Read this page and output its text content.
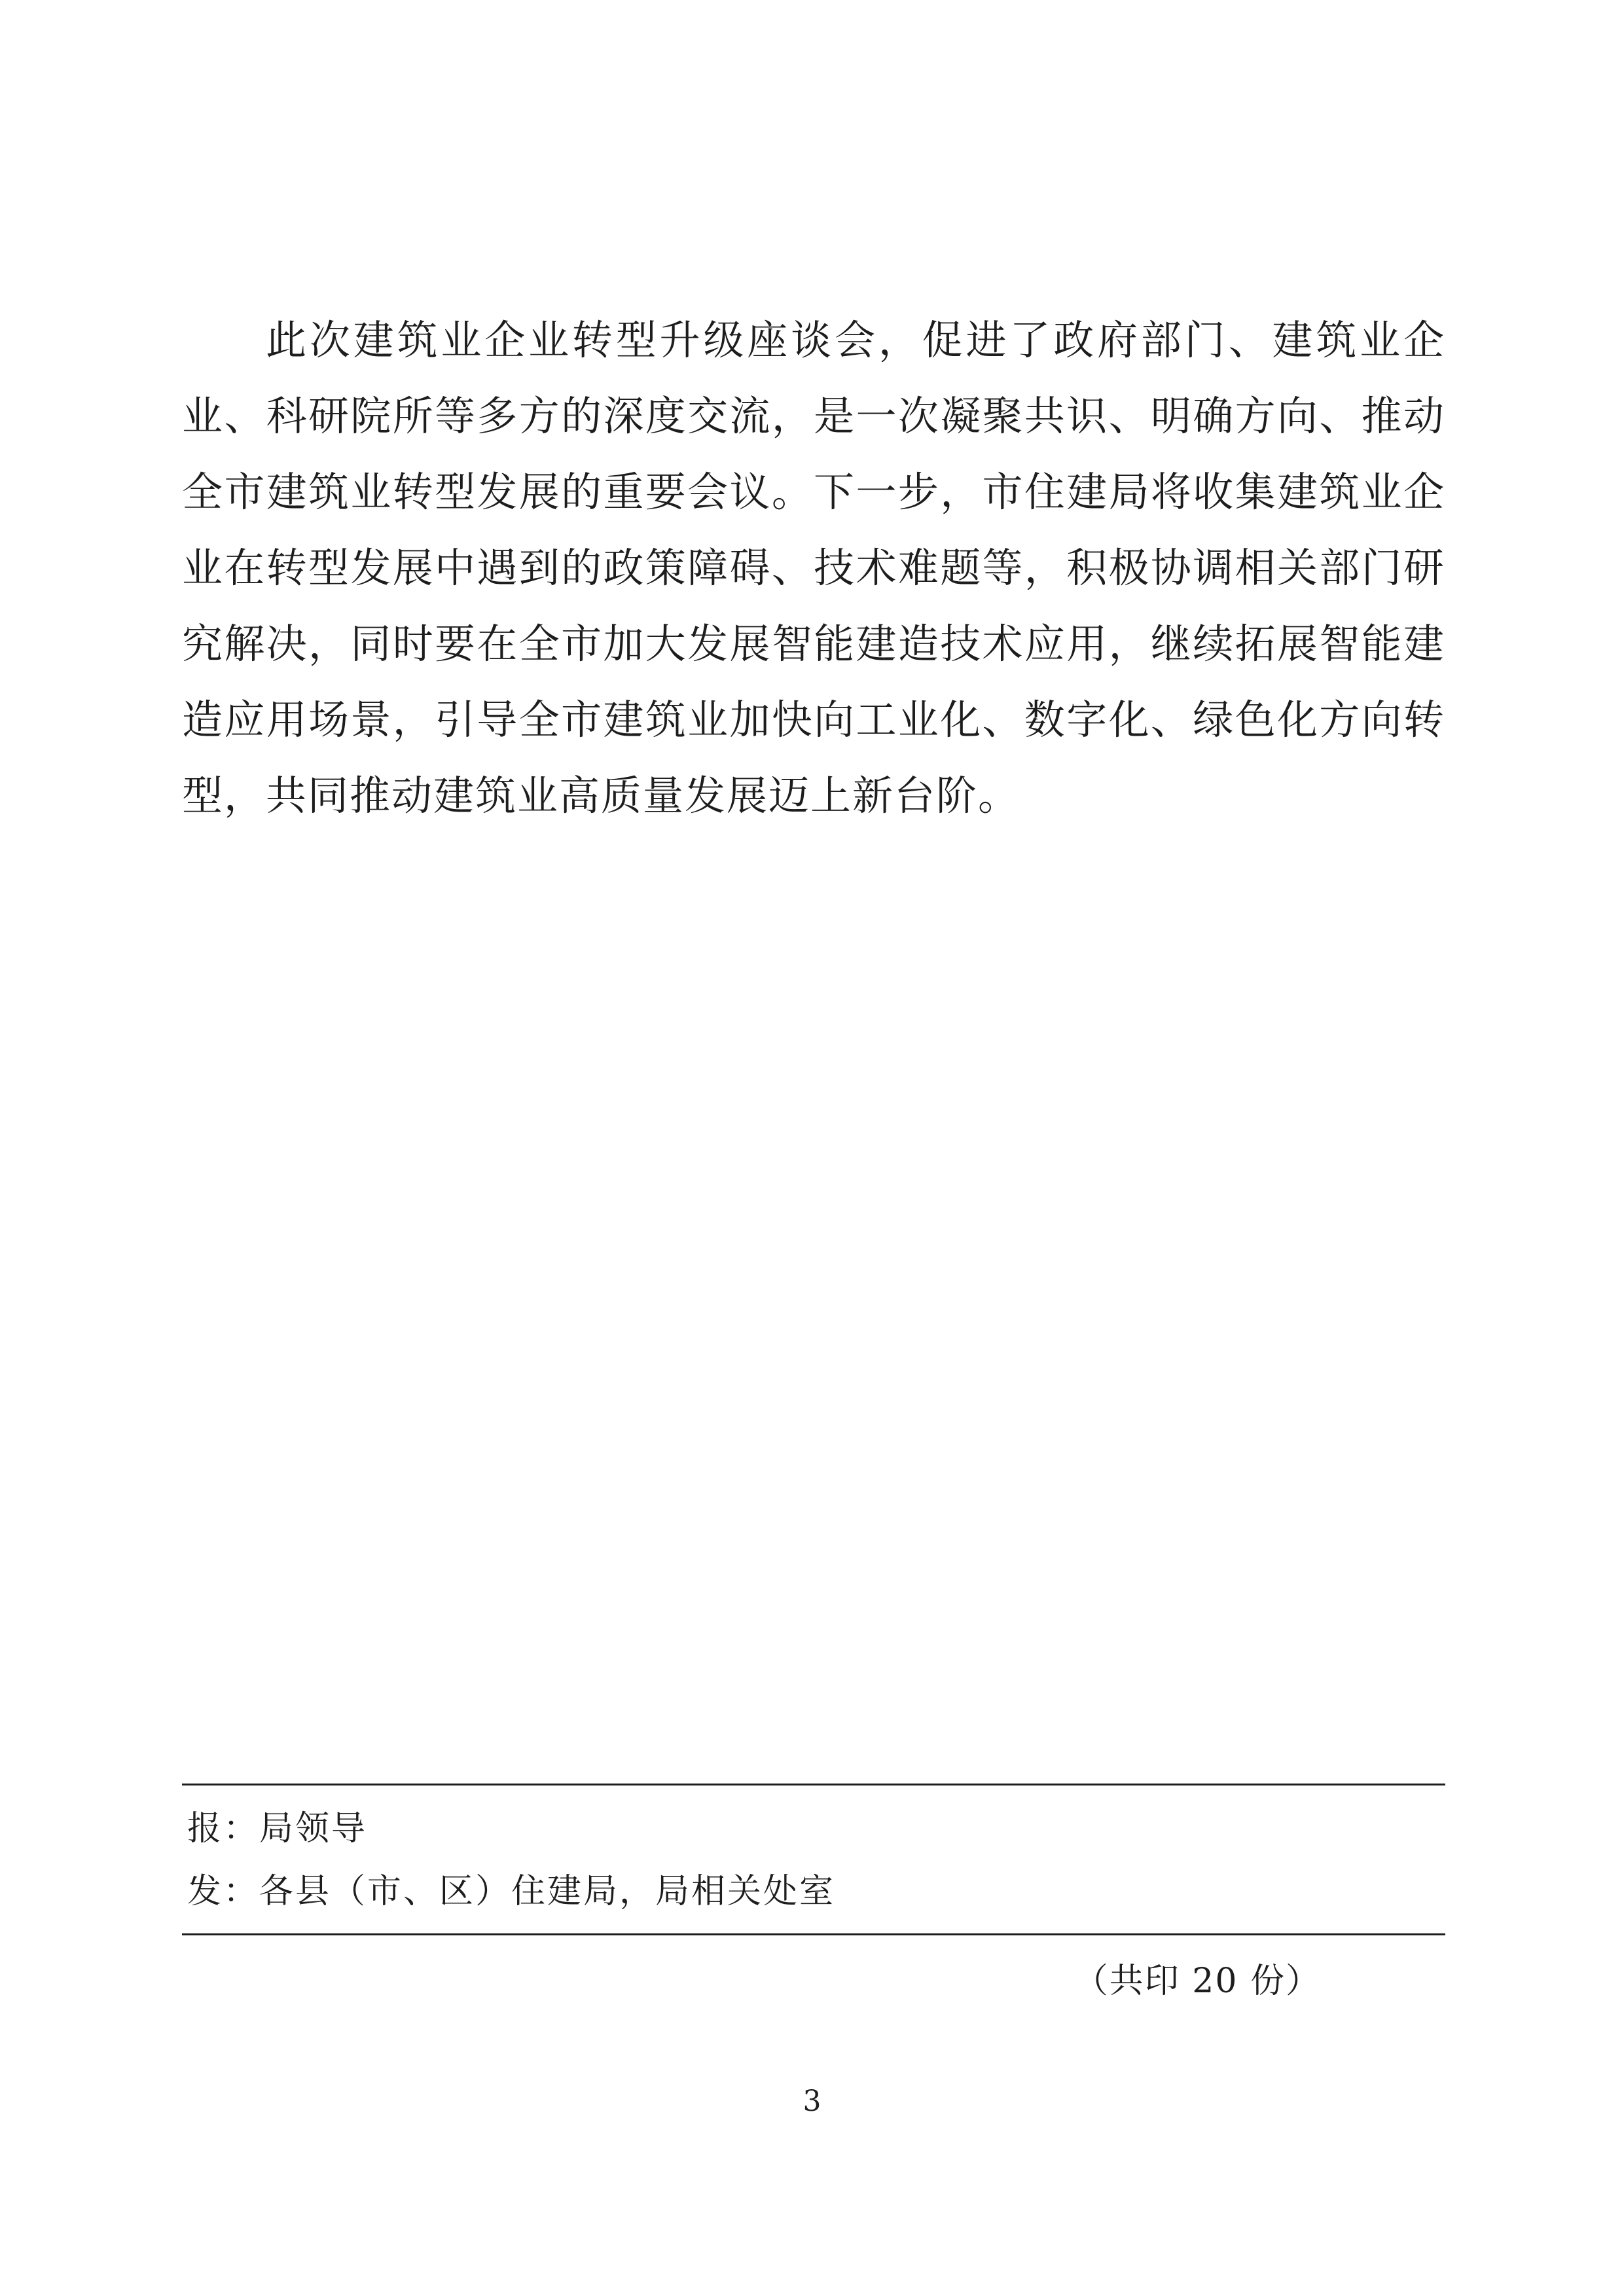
此次建筑业企业转型升级座谈会，促进了政府部门、建筑业企业、科研院所等多方的深度交流，是一次凝聚共识、明确方向、推动全市建筑业转型发展的重要会议。下一步，市住建局将收集建筑业企业在转型发展中遇到的政策障碍、技术难题等，积极协调相关部门研究解决，同时要在全市加大发展智能建造技术应用，继续拓展智能建造应用场景，引导全市建筑业加快向工业化、数字化、绿色化方向转型，共同推动建筑业高质量发展迈上新台阶。

报：局领导
发：各县（市、区）住建局，局相关处室
（共印 20 份）
3
